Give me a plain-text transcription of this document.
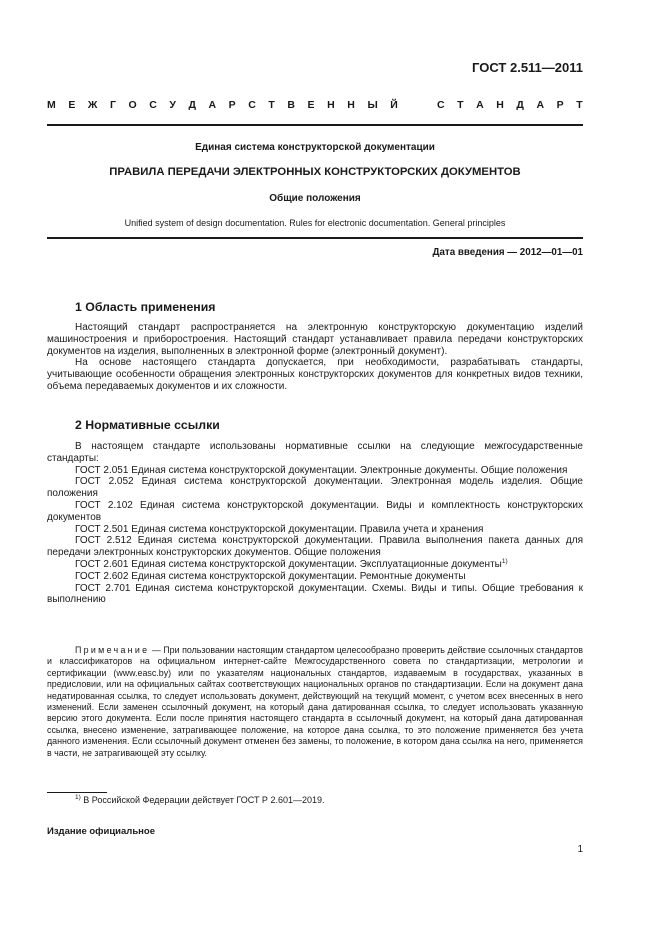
ГОСТ 2.511—2011
М Е Ж Г О С У Д А Р С Т В Е Н Н Ы Й	С Т А Н Д А Р Т
Единая система конструкторской документации
ПРАВИЛА ПЕРЕДАЧИ ЭЛЕКТРОННЫХ КОНСТРУКТОРСКИХ ДОКУМЕНТОВ
Общие положения
Unified system of design documentation. Rules for electronic documentation. General principles
Дата введения — 2012—01—01
1 Область применения

Настоящий стандарт распространяется на электронную конструкторскую документацию изделий машиностроения и приборостроения. Настоящий стандарт устанавливает правила передачи конструкторских документов на изделия, выполненных в электронной форме (электронный документ).

На основе настоящего стандарта допускается, при необходимости, разрабатывать стандарты, учитывающие особенности обращения электронных конструкторских документов для конкретных видов техники, объема передаваемых документов и их сложности.

2 Нормативные ссылки

В настоящем стандарте использованы нормативные ссылки на следующие межгосударственные стандарты:

ГОСТ 2.051 Единая система конструкторской документации. Электронные документы. Общие положения

ГОСТ 2.052 Единая система конструкторской документации. Электронная модель изделия. Общие положения

ГОСТ 2.102 Единая система конструкторской документации. Виды и комплектность конструкторских документов

ГОСТ 2.501 Единая система конструкторской документации. Правила учета и хранения

ГОСТ 2.512 Единая система конструкторской документации. Правила выполнения пакета данных для передачи электронных конструкторских документов. Общие положения

ГОСТ 2.601 Единая система конструкторской документации. Эксплуатационные документы$^{1)}$

ГОСТ 2.602 Единая система конструкторской документации. Ремонтные документы

ГОСТ 2.701 Единая система конструкторской документации. Схемы. Виды и типы. Общие требования к выполнению

Примечание — При пользовании настоящим стандартом целесообразно проверить действие ссылочных стандартов и классификаторов на официальном интернет-сайте Межгосударственного совета по стандартизации, метрологии и сертификации (www.easc.by) или по указателям национальных стандартов, издаваемым в государствах, указанных в предисловии, или на официальных сайтах соответствующих национальных органов по стандартизации. Если на документ дана недатированная ссылка, то следует использовать документ, действующий на текущий момент, с учетом всех внесенных в него изменений. Если заменен ссылочный документ, на который дана датированная ссылка, то следует использовать указанную версию этого документа. Если после принятия настоящего стандарта в ссылочный документ, на который дана датированная ссылка, внесено изменение, затрагивающее положение, на которое дана ссылка, то это положение применяется без учета данного изменения. Если ссылочный документ отменен без замены, то положение, в котором дана ссылка на него, применяется в части, не затрагивающей эту ссылку.

$^{1)}$ В Российской Федерации действует ГОСТ Р 2.601—2019.
Издание официальное
1
